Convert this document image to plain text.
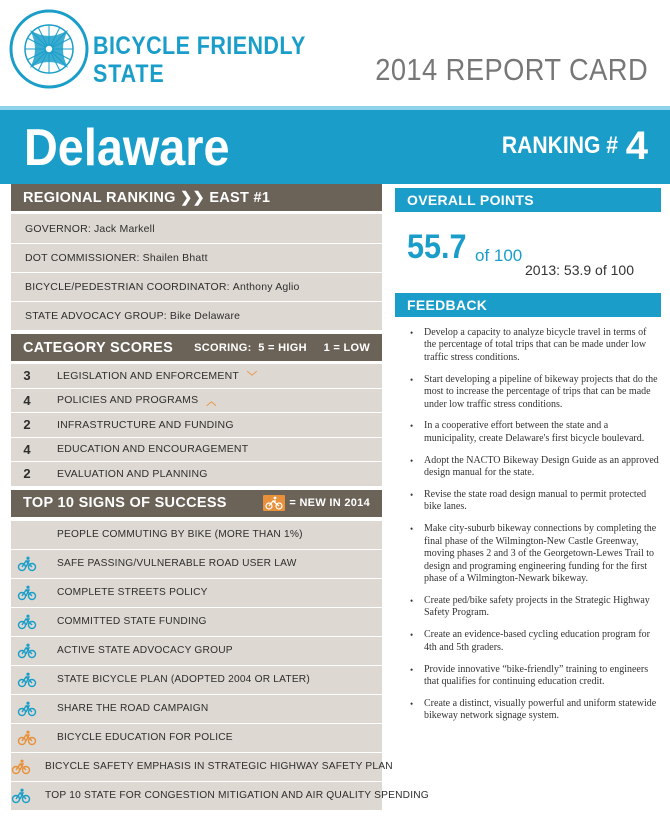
BICYCLE FRIENDLY
STATE	2014 REPORT CARD
Delaware	RANKING # 4
REGIONAL RANKING ❯❯ EAST #1
GOVERNOR: Jack Markell
DOT COMMISSIONER: Shailen Bhatt
BICYCLE/PEDESTRIAN COORDINATOR: Anthony Aglio
STATE ADVOCACY GROUP: Bike Delaware
CATEGORY SCORES SCORING:  5 = HIGH     1 = LOW
3	LEGISLATION AND ENFORCEMENT ﹀
4	POLICIES AND PROGRAMS ︿
2	INFRASTRUCTURE AND FUNDING
4	EDUCATION AND ENCOURAGEMENT
2	EVALUATION AND PLANNING
TOP 10 SIGNS OF SUCCESS	= NEW IN 2014
PEOPLE COMMUTING BY BIKE (MORE THAN 1%)
SAFE PASSING/VULNERABLE ROAD USER LAW
COMPLETE STREETS POLICY
COMMITTED STATE FUNDING
ACTIVE STATE ADVOCACY GROUP
STATE BICYCLE PLAN (ADOPTED 2004 OR LATER)
SHARE THE ROAD CAMPAIGN
BICYCLE EDUCATION FOR POLICE
BICYCLE SAFETY EMPHASIS IN STRATEGIC HIGHWAY SAFETY PLAN
TOP 10 STATE FOR CONGESTION MITIGATION AND AIR QUALITY SPENDING
OVERALL POINTS
55.7 of 100
2013: 53.9 of 100
FEEDBACK
• Develop a capacity to analyze bicycle travel in terms of the percentage of total trips that can be made under low traffic stress conditions.
• Start developing a pipeline of bikeway projects that do the most to increase the percentage of trips that can be made under low traffic stress conditions.
• In a cooperative effort between the state and a municipality, create Delaware's first bicycle boulevard.
• Adopt the NACTO Bikeway Design Guide as an approved design manual for the state.
• Revise the state road design manual to permit protected bike lanes.
• Make city-suburb bikeway connections by completing the final phase of the Wilmington-New Castle Greenway, moving phases 2 and 3 of the Georgetown-Lewes Trail to design and programing engineering funding for the first phase of a Wilmington-Newark bikeway.
• Create ped/bike safety projects in the Strategic Highway Safety Program.
• Create an evidence-based cycling education program for 4th and 5th graders.
• Provide innovative “bike-friendly” training to engineers that qualifies for continuing education credit.
• Create a distinct, visually powerful and uniform statewide bikeway network signage system.
